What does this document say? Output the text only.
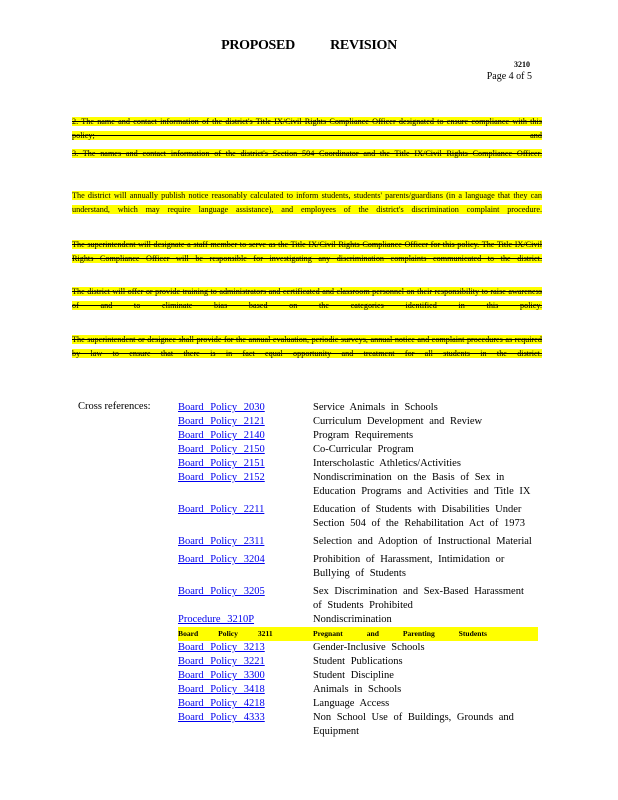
PROPOSED REVISION
3210
Page 4 of 5
2. The name and contact information of the district's Title IX/Civil Rights Compliance Officer designated to ensure compliance with this policy; and
3. The names and contact information of the district's Section 504 Coordinator and the Title IX/Civil Rights Compliance Officer.
The district will annually publish notice reasonably calculated to inform students, students' parents/guardians (in a language that they can understand, which may require language assistance), and employees of the district's discrimination complaint procedure.
The superintendent will designate a staff member to serve as the Title IX/Civil Rights Compliance Officer for this policy. The Title IX/Civil Rights Compliance Officer will be responsible for investigating any discrimination complaints communicated to the district.
The district will offer or provide training to administrators and certificated and classroom personnel on their responsibility to raise awareness of and to eliminate bias based on the categories identified in this policy.
The superintendent or designee shall provide for the annual evaluation, periodic surveys, annual notice and complaint procedures as required by law to ensure that there is in fact equal opportunity and treatment for all students in the district.
Cross references:	Board Policy 2030	Service Animals in Schools
Board Policy 2121	Curriculum Development and Review
Board Policy 2140	Program Requirements
Board Policy 2150	Co-Curricular Program
Board Policy 2151	Interscholastic Athletics/Activities
Board Policy 2152	Nondiscrimination on the Basis of Sex in Education Programs and Activities and Title IX
Board Policy 2211	Education of Students with Disabilities Under Section 504 of the Rehabilitation Act of 1973
Board Policy 2311	Selection and Adoption of Instructional Material
Board Policy 3204	Prohibition of Harassment, Intimidation or Bullying of Students
Board Policy 3205	Sex Discrimination and Sex-Based Harassment of Students Prohibited
Procedure 3210P	Nondiscrimination
Board Policy 3211	Pregnant and Parenting Students
Board Policy 3213	Gender-Inclusive Schools
Board Policy 3221	Student Publications
Board Policy 3300	Student Discipline
Board Policy 3418	Animals in Schools
Board Policy 4218	Language Access
Board Policy 4333	Non School Use of Buildings, Grounds and Equipment
